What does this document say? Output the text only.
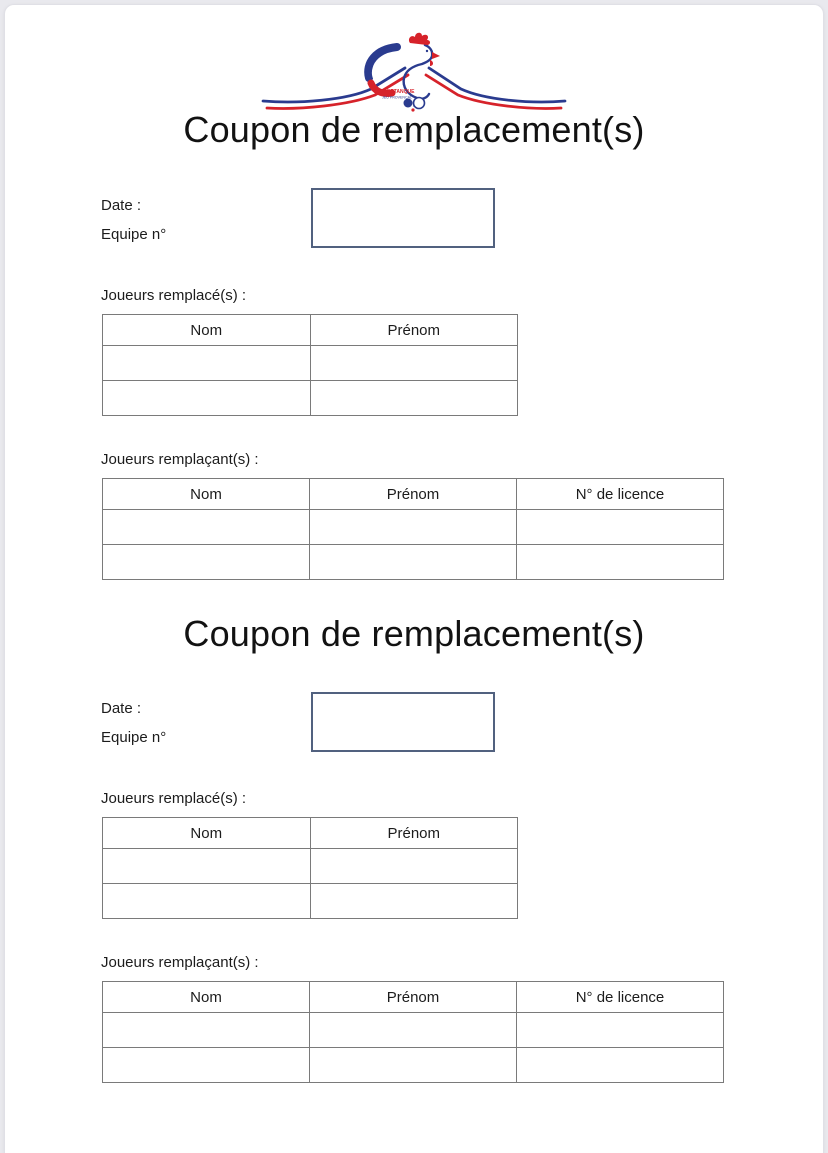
FF PETANQUE
JEU PROVENÇAL
Coupon de remplacement(s)
Date :
Equipe n°
Joueurs remplacé(s) :
Nom	Prénom

Joueurs remplaçant(s) :
Nom	Prénom	N° de licence

Coupon de remplacement(s)
Date :
Equipe n°
Joueurs remplacé(s) :
Nom	Prénom

Joueurs remplaçant(s) :
Nom	Prénom	N° de licence
